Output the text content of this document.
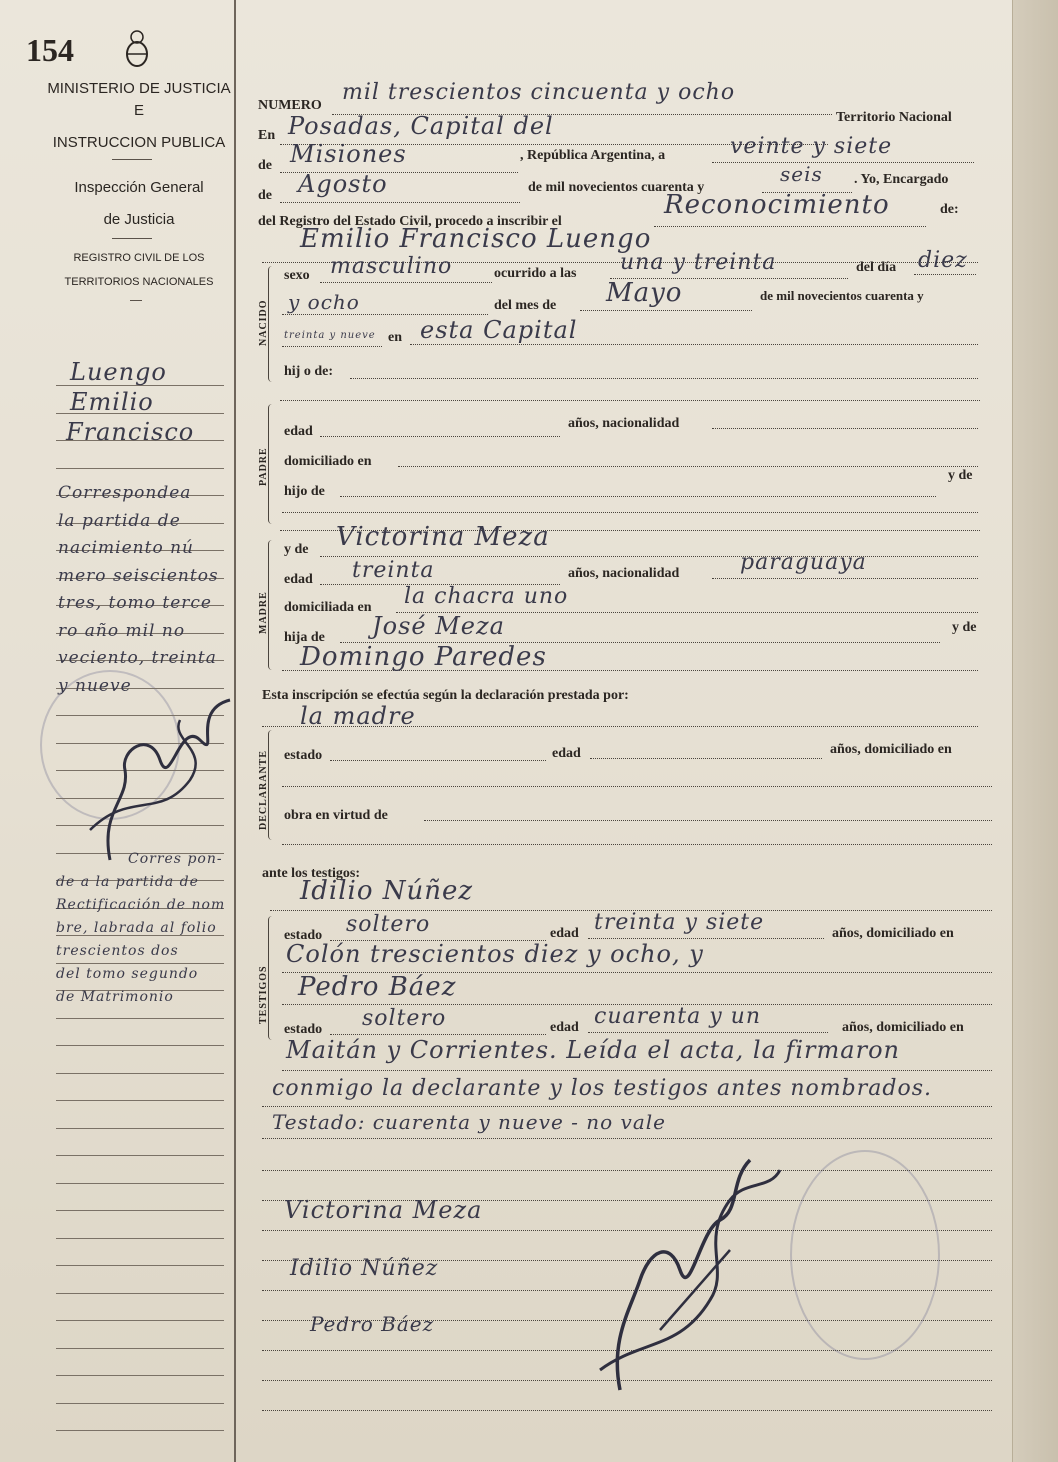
154
MINISTERIO DE JUSTICIA
E
INSTRUCCION PUBLICA
Inspección General
de Justicia
REGISTRO CIVIL DE LOS
TERRITORIOS NACIONALES
Luengo
Emilio
Francisco
Correspondea
la partida de
nacimiento nú
mero seiscientos
tres, tomo terce
ro año mil no
veciento, treinta
y nueve
Corres pon-
de a la partida de
Rectificación de nom
bre, labrada al folio
trescientos dos
del tomo segundo
de Matrimonio
NUMERO
mil trescientos cincuenta y ocho
En Posadas, Capital del	Territorio Nacional
de Misiones	, República Argentina, a	veinte y siete
de Agosto	de mil novecientos cuarenta y
seis . Yo, Encargado
del Registro del Estado Civil, procedo a inscribir el
Reconocimiento	de:
Emilio Francisco Luengo
NACIDO
sexo masculino	ocurrido a las una y treinta	del día diez
y ocho	del mes de Mayo	de mil novecientos cuarenta y
treinta y nueve en esta Capital
hij o de:
PADRE
edad
años, nacionalidad
domiciliado en
hijo de
y de
MADRE
y de Victorina Meza
edad treinta	años, nacionalidad	paraguaya
domiciliada en la chacra uno
hija de José Meza	y de
Domingo Paredes
Esta inscripción se efectúa según la declaración prestada por:
la madre
DECLARANTE estado	edad	años, domiciliado en
obra en virtud de
ante los testigos:
Idilio Núñez
TESTIGOS
estado soltero	edad treinta y siete	años, domiciliado en
Colón trescientos diez y ocho, y
Pedro Báez
estado soltero	edad cuarenta y un	años, domiciliado en
Maitán y Corrientes. Leída el acta, la firmaron
conmigo la declarante y los testigos antes nombrados.
Testado: cuarenta y nueve - no vale
Victorina Meza
Idilio Núñez
Pedro Báez
